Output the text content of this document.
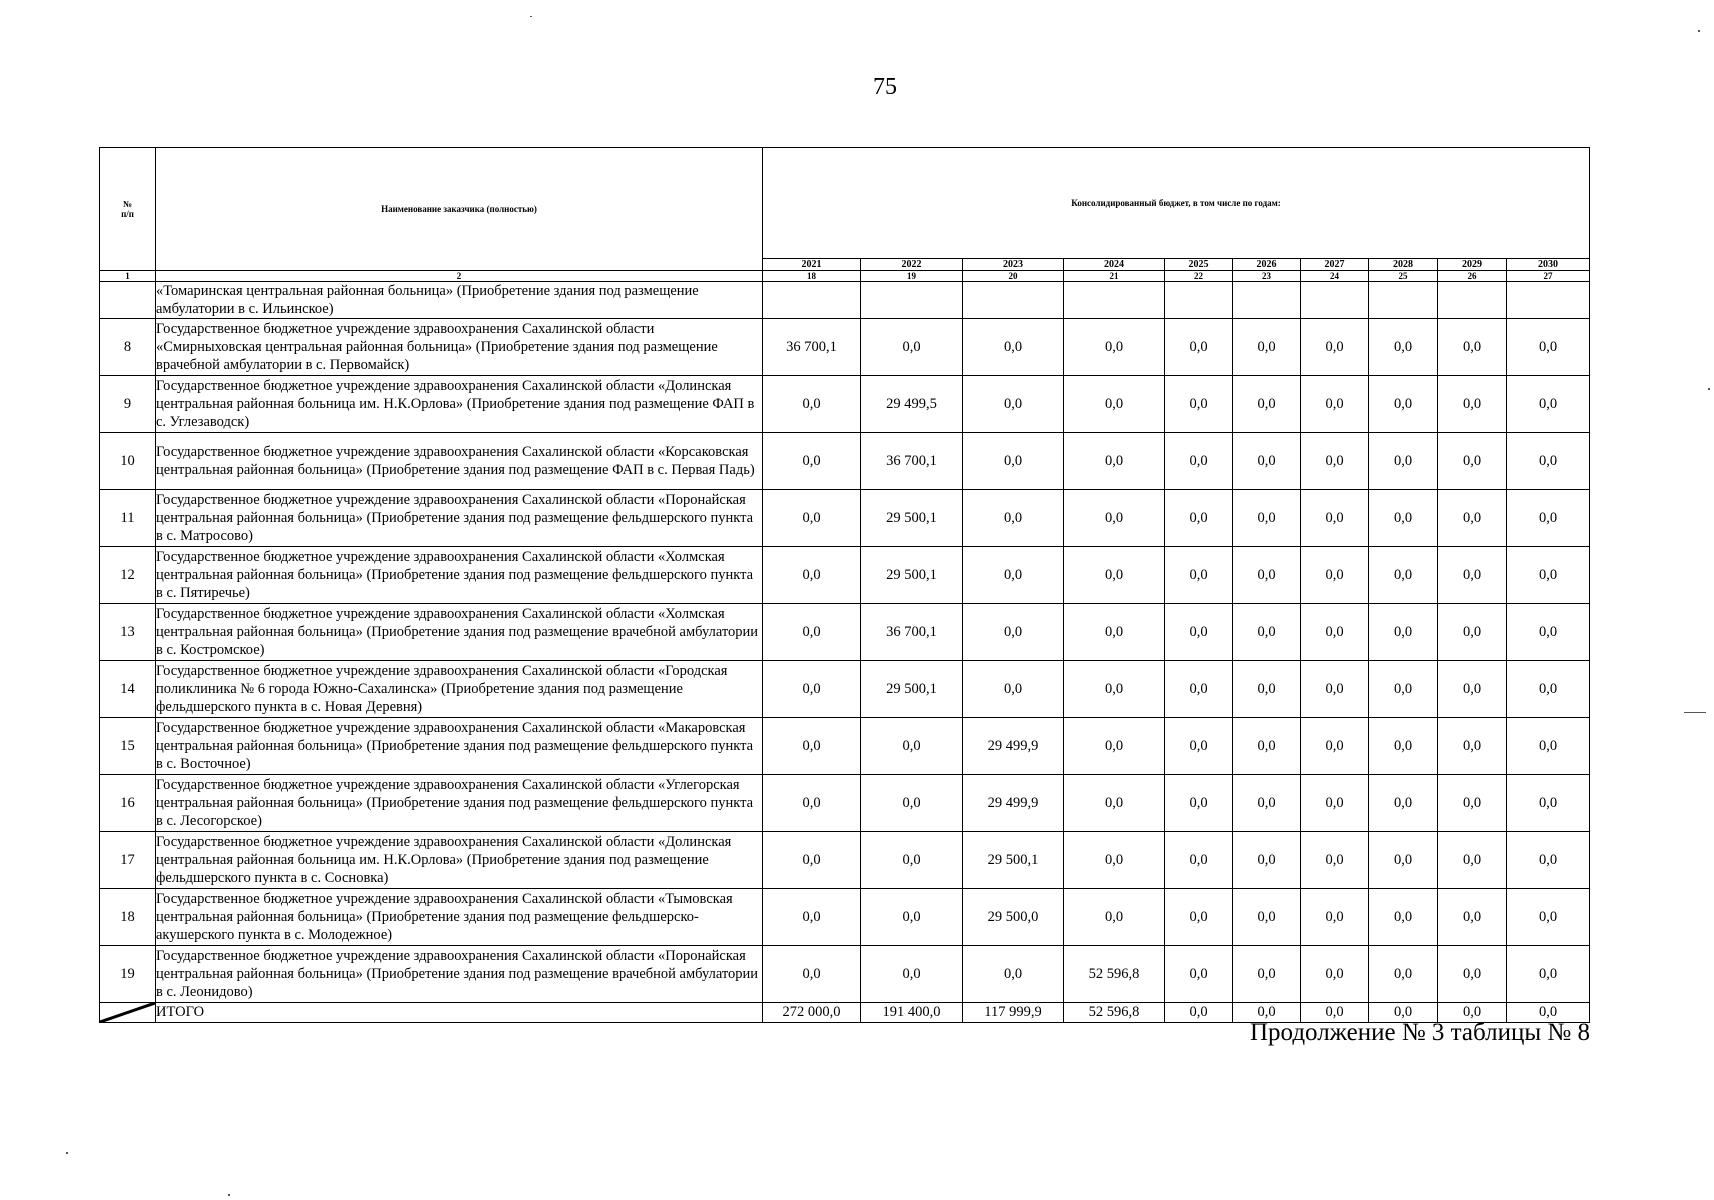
75
№
п/п	Наименование заказчика (полностью)	Консолидированный бюджет, в том числе по годам:									
		2021	2022	2023	2024	2025	2026	2027	2028	2029	2030
1	2	18	19	20	21	22	23	24	25	26	27
	«Томаринская центральная районная больница» (Приобретение здания под размещение амбулатории в с. Ильинское)										
8	Государственное бюджетное учреждение здравоохранения Сахалинской области «Смирныховская центральная районная больница» (Приобретение здания под размещение врачебной амбулатории в с. Первомайск)	36 700,1	0,0	0,0	0,0	0,0	0,0	0,0	0,0	0,0	0,0
9	Государственное бюджетное учреждение здравоохранения Сахалинской области «Долинская центральная районная больница им. Н.К.Орлова» (Приобретение здания под размещение ФАП в с. Углезаводск)	0,0	29 499,5	0,0	0,0	0,0	0,0	0,0	0,0	0,0	0,0
10	Государственное бюджетное учреждение здравоохранения Сахалинской области «Корсаковская центральная районная больница» (Приобретение здания под размещение ФАП в с. Первая Падь)	0,0	36 700,1	0,0	0,0	0,0	0,0	0,0	0,0	0,0	0,0
11	Государственное бюджетное учреждение здравоохранения Сахалинской области «Поронайская центральная районная больница» (Приобретение здания под размещение фельдшерского пункта в с. Матросово)	0,0	29 500,1	0,0	0,0	0,0	0,0	0,0	0,0	0,0	0,0
12	Государственное бюджетное учреждение здравоохранения Сахалинской области «Холмская центральная районная больница» (Приобретение здания под размещение фельдшерского пункта в с. Пятиречье)	0,0	29 500,1	0,0	0,0	0,0	0,0	0,0	0,0	0,0	0,0
13	Государственное бюджетное учреждение здравоохранения Сахалинской области «Холмская центральная районная больница» (Приобретение здания под размещение врачебной амбулатории в с. Костромское)	0,0	36 700,1	0,0	0,0	0,0	0,0	0,0	0,0	0,0	0,0
14	Государственное бюджетное учреждение здравоохранения Сахалинской области «Городская поликлиника № 6 города Южно-Сахалинска» (Приобретение здания под размещение фельдшерского пункта в с. Новая Деревня)	0,0	29 500,1	0,0	0,0	0,0	0,0	0,0	0,0	0,0	0,0
15	Государственное бюджетное учреждение здравоохранения Сахалинской области «Макаровская центральная районная больница» (Приобретение здания под размещение фельдшерского пункта в с. Восточное)	0,0	0,0	29 499,9	0,0	0,0	0,0	0,0	0,0	0,0	0,0
16	Государственное бюджетное учреждение здравоохранения Сахалинской области «Углегорская центральная районная больница» (Приобретение здания под размещение фельдшерского пункта в с. Лесогорское)	0,0	0,0	29 499,9	0,0	0,0	0,0	0,0	0,0	0,0	0,0
17	Государственное бюджетное учреждение здравоохранения Сахалинской области «Долинская центральная районная больница им. Н.К.Орлова» (Приобретение здания под размещение фельдшерского пункта в с. Сосновка)	0,0	0,0	29 500,1	0,0	0,0	0,0	0,0	0,0	0,0	0,0
18	Государственное бюджетное учреждение здравоохранения Сахалинской области «Тымовская центральная районная больница» (Приобретение здания под размещение фельдшерско-акушерского пункта в с. Молодежное)	0,0	0,0	29 500,0	0,0	0,0	0,0	0,0	0,0	0,0	0,0
19	Государственное бюджетное учреждение здравоохранения Сахалинской области «Поронайская центральная районная больница» (Приобретение здания под размещение врачебной амбулатории в с. Леонидово)	0,0	0,0	0,0	52 596,8	0,0	0,0	0,0	0,0	0,0	0,0

	ИТОГО	272 000,0	191 400,0	117 999,9	52 596,8	0,0	0,0	0,0	0,0	0,0	0,0
Продолжение № 3 таблицы № 8
